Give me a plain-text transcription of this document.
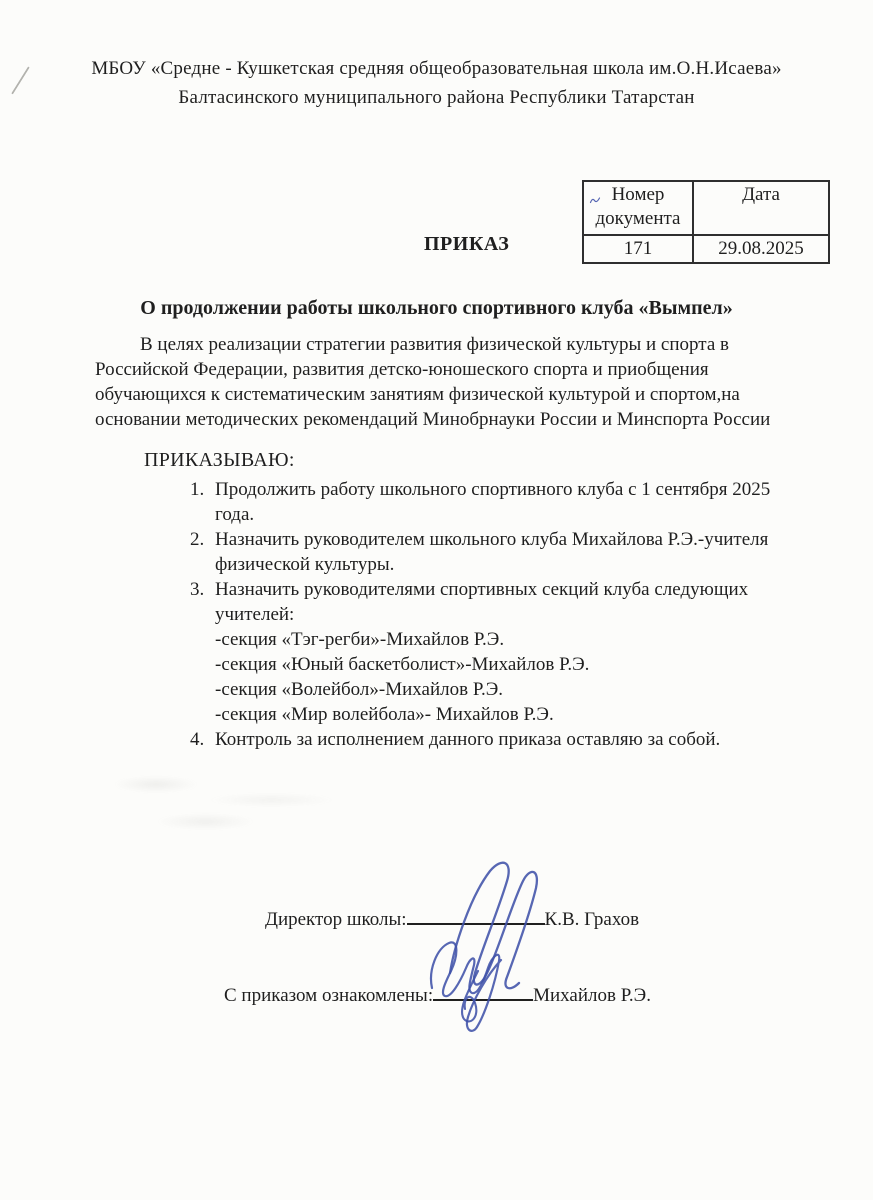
МБОУ «Средне - Кушкетская средняя общеобразовательная школа им.О.Н.Исаева»
Балтасинского муниципального района Республики Татарстан
ПРИКАЗ
Номер документа	Дата
171	29.08.2025
О продолжении работы школьного спортивного клуба «Вымпел»
В целях реализации стратегии развития физической культуры и спорта в Российской Федерации, развития детско-юношеского спорта и приобщения обучающихся к систематическим занятиям физической культурой и спортом,на основании методических рекомендаций Минобрнауки России и Минспорта России
ПРИКАЗЫВАЮ:
1. Продолжить работу школьного спортивного клуба с 1 сентября 2025 года.
2. Назначить руководителем школьного клуба Михайлова Р.Э.-учителя физической культуры.
3. Назначить руководителями спортивных секций клуба следующих учителей:
-секция «Тэг-регби»-Михайлов Р.Э.
-секция «Юный баскетболист»-Михайлов Р.Э.
-секция «Волейбол»-Михайлов Р.Э.
-секция «Мир волейбола»- Михайлов Р.Э.
4. Контроль за исполнением данного приказа оставляю за собой.
Директор школы:	К.В. Грахов
С приказом ознакомлены:	Михайлов Р.Э.
